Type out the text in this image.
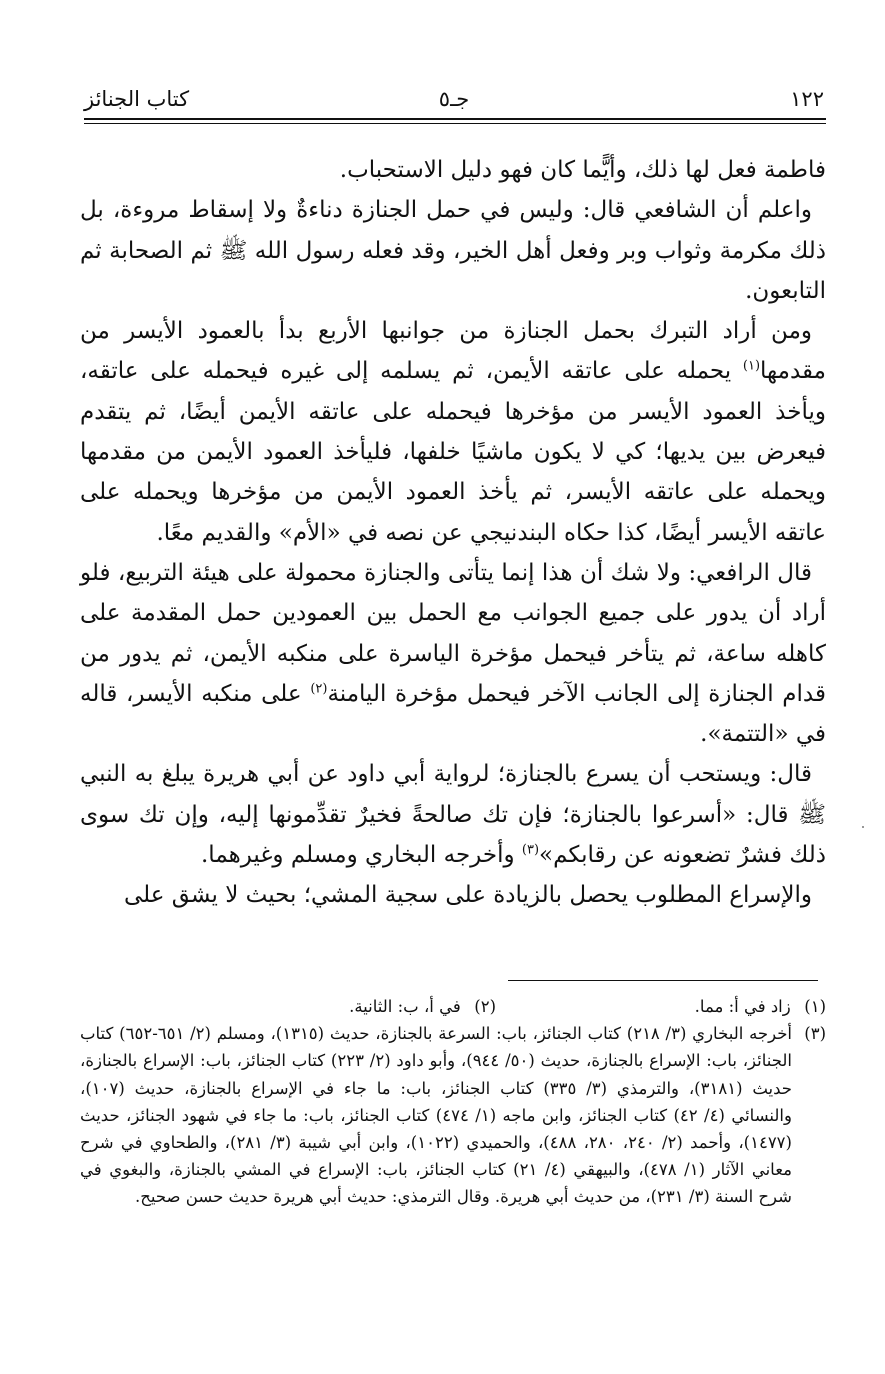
١٢٢
جـ٥
كتاب الجنائز

فاطمة فعل لها ذلك، وأيًّما كان فهو دليل الاستحباب.

واعلم أن الشافعي قال: وليس في حمل الجنازة دناءةٌ ولا إسقاط مروءة، بل ذلك مكرمة وثواب وبر وفعل أهل الخير، وقد فعله رسول الله ﷺ ثم الصحابة ثم التابعون.

ومن أراد التبرك بحمل الجنازة من جوانبها الأربع بدأ بالعمود الأيسر من مقدمها$^{(١)}$ يحمله على عاتقه الأيمن، ثم يسلمه إلى غيره فيحمله على عاتقه، ويأخذ العمود الأيسر من مؤخرها فيحمله على عاتقه الأيمن أيضًا، ثم يتقدم فيعرض بين يديها؛ كي لا يكون ماشيًا خلفها، فليأخذ العمود الأيمن من مقدمها ويحمله على عاتقه الأيسر، ثم يأخذ العمود الأيمن من مؤخرها ويحمله على عاتقه الأيسر أيضًا، كذا حكاه البندنيجي عن نصه في «الأم» والقديم معًا.

قال الرافعي: ولا شك أن هذا إنما يتأتى والجنازة محمولة على هيئة التربيع، فلو أراد أن يدور على جميع الجوانب مع الحمل بين العمودين حمل المقدمة على كاهله ساعة، ثم يتأخر فيحمل مؤخرة الياسرة على منكبه الأيمن، ثم يدور من قدام الجنازة إلى الجانب الآخر فيحمل مؤخرة اليامنة$^{(٢)}$ على منكبه الأيسر، قاله في «التتمة».

قال: ويستحب أن يسرع بالجنازة؛ لرواية أبي داود عن أبي هريرة يبلغ به النبي ﷺ قال: «أسرعوا بالجنازة؛ فإن تك صالحةً فخيرٌ تقدِّمونها إليه، وإن تك سوى ذلك فشرٌ تضعونه عن رقابكم»$^{(٣)}$ وأخرجه البخاري ومسلم وغيرهما.

والإسراع المطلوب يحصل بالزيادة على سجية المشي؛ بحيث لا يشق على

(١) زاد في أ: مما.
(٢) في أ، ب: الثانية.
(٣)
أخرجه البخاري (٣/ ٢١٨) كتاب الجنائز، باب: السرعة بالجنازة، حديث (١٣١٥)، ومسلم (٢/ ٦٥١-٦٥٢) كتاب الجنائز، باب: الإسراع بالجنازة، حديث (٥٠/ ٩٤٤)، وأبو داود (٢/ ٢٢٣) كتاب الجنائز، باب: الإسراع بالجنازة، حديث (٣١٨١)، والترمذي (٣/ ٣٣٥) كتاب الجنائز، باب: ما جاء في الإسراع بالجنازة، حديث (١٠٧)، والنسائي (٤/ ٤٢) كتاب الجنائز، وابن ماجه (١/ ٤٧٤) كتاب الجنائز، باب: ما جاء في شهود الجنائز، حديث (١٤٧٧)، وأحمد (٢/ ٢٤٠، ٢٨٠، ٤٨٨)، والحميدي (١٠٢٢)، وابن أبي شيبة (٣/ ٢٨١)، والطحاوي في شرح معاني الآثار (١/ ٤٧٨)، والبيهقي (٤/ ٢١) كتاب الجنائز، باب: الإسراع في المشي بالجنازة، والبغوي في شرح السنة (٣/ ٢٣١)، من حديث أبي هريرة. وقال الترمذي: حديث أبي هريرة حديث حسن صحيح.
